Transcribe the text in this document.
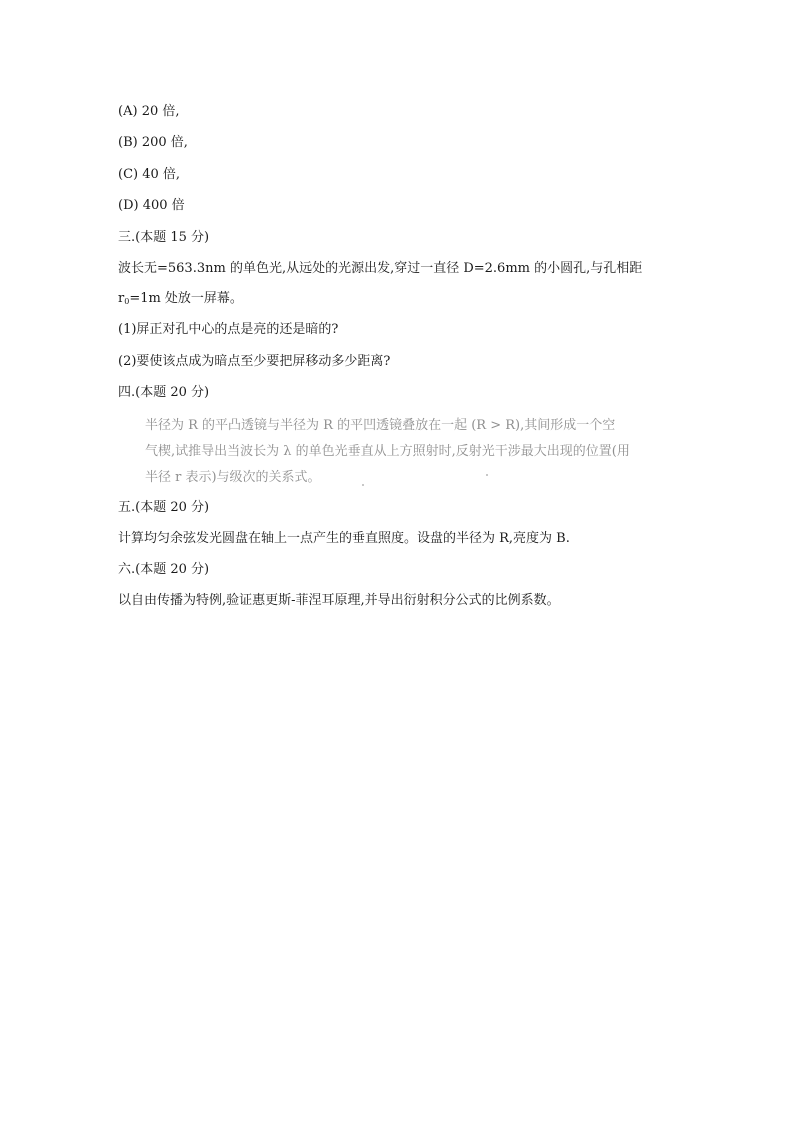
(A) 20 倍,
(B) 200 倍,
(C) 40 倍,
(D) 400 倍
三.(本题 15 分)
波长无=563.3nm 的单色光,从远处的光源出发,穿过一直径 D=2.6mm 的小圆孔,与孔相距
$r_0=1m$ 处放一屏幕。
(1)屏正对孔中心的点是亮的还是暗的?
(2)要使该点成为暗点至少要把屏移动多少距离?
四.(本题 20 分)
半径为 R 的平凸透镜与半径为 R 的平凹透镜叠放在一起 (R > R),其间形成一个空
气楔,试推导出当波长为 λ 的单色光垂直从上方照射时,反射光干涉最大出现的位置(用
半径 r 表示)与级次的关系式。
五.(本题 20 分)
计算均匀余弦发光圆盘在轴上一点产生的垂直照度。设盘的半径为 R,亮度为 B.
六.(本题 20 分)
以自由传播为特例,验证惠更斯-菲涅耳原理,并导出衍射积分公式的比例系数。
